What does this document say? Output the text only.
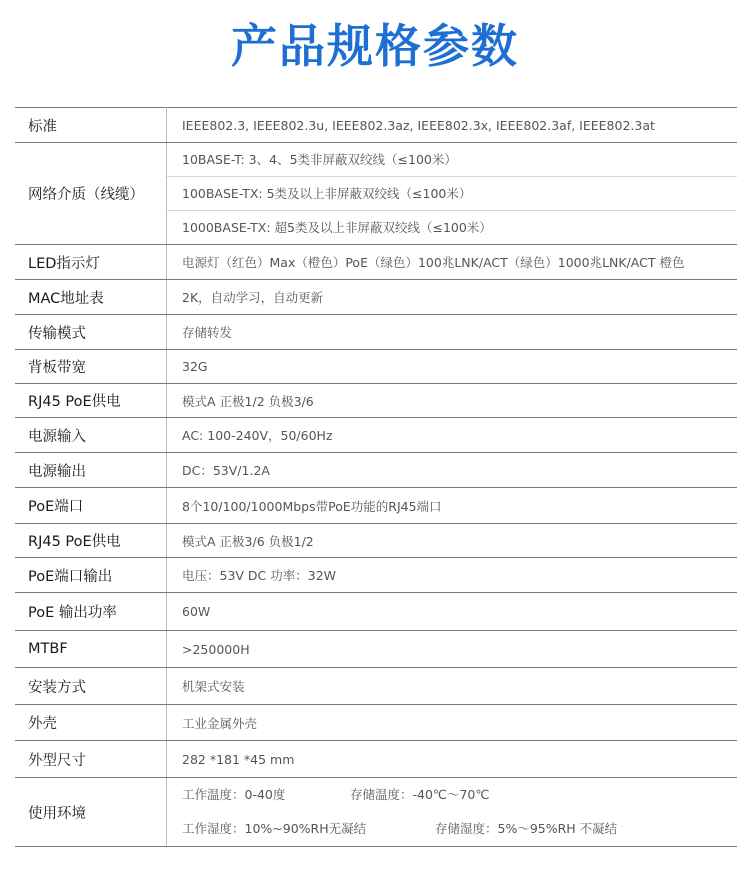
产品规格参数
标准	IEEE802.3, IEEE802.3u, IEEE802.3az, IEEE802.3x, IEEE802.3af, IEEE802.3at
网络介质（线缆）	10BASE-T: 3、4、5类非屏蔽双绞线（≤100米）
100BASE-TX: 5类及以上非屏蔽双绞线（≤100米）
1000BASE-TX: 超5类及以上非屏蔽双绞线（≤100米）

LED指示灯	电源灯（红色）Max（橙色）PoE（绿色）100兆LNK/ACT（绿色）1000兆LNK/ACT 橙色
MAC地址表	2K，自动学习，自动更新
传输模式	存储转发
背板带宽	32G
RJ45 PoE供电	模式A 正极1/2 负极3/6
电源输入	AC: 100-240V，50/60Hz
电源输出	DC：53V/1.2A
PoE端口	8个10/100/1000Mbps带PoE功能的RJ45端口
RJ45 PoE供电	模式A 正极3/6 负极1/2
PoE端口输出	电压：53V DC 功率：32W
PoE 输出功率	60W
MTBF	>250000H
安装方式	机架式安装
外壳	工业金属外壳
外型尺寸	282 *181 *45 mm
使用环境	工作温度：0-40度 存储温度：-40℃～70℃
工作湿度：10%~90%RH无凝结 存储湿度：5%～95%RH 不凝结
